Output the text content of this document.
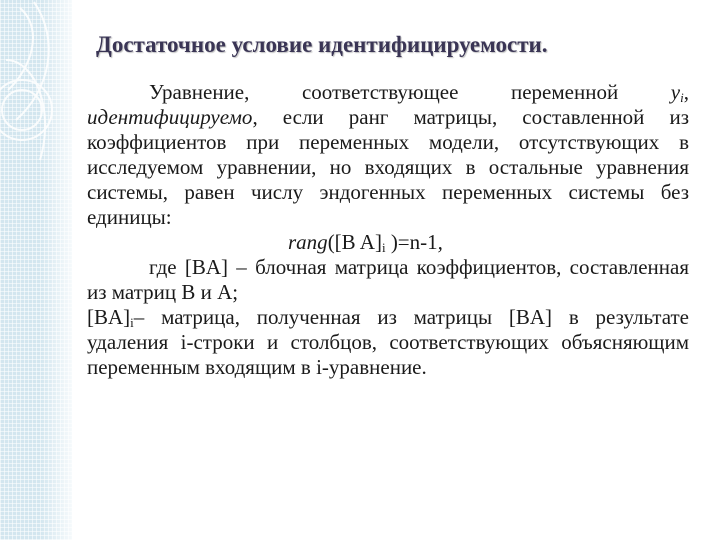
Достаточное условие идентифицируемости.

Уравнение, соответствующее переменной $y_i$, идентифицируемо, если ранг матрицы, составленной из коэффициентов при переменных модели, отсутствующих в исследуемом уравнении, но входящих в остальные уравнения системы, равен числу эндогенных переменных системы без единицы:

rang([B $A]_i$ )=n-1,

где [BA] – блочная матрица коэффициентов, составленная из матриц B и A;

$[BA]_i-$ матрица, полученная из матрицы [BA] в результате удаления i-строки и столбцов, соответствующих объясняющим переменным входящим в i-уравнение.
